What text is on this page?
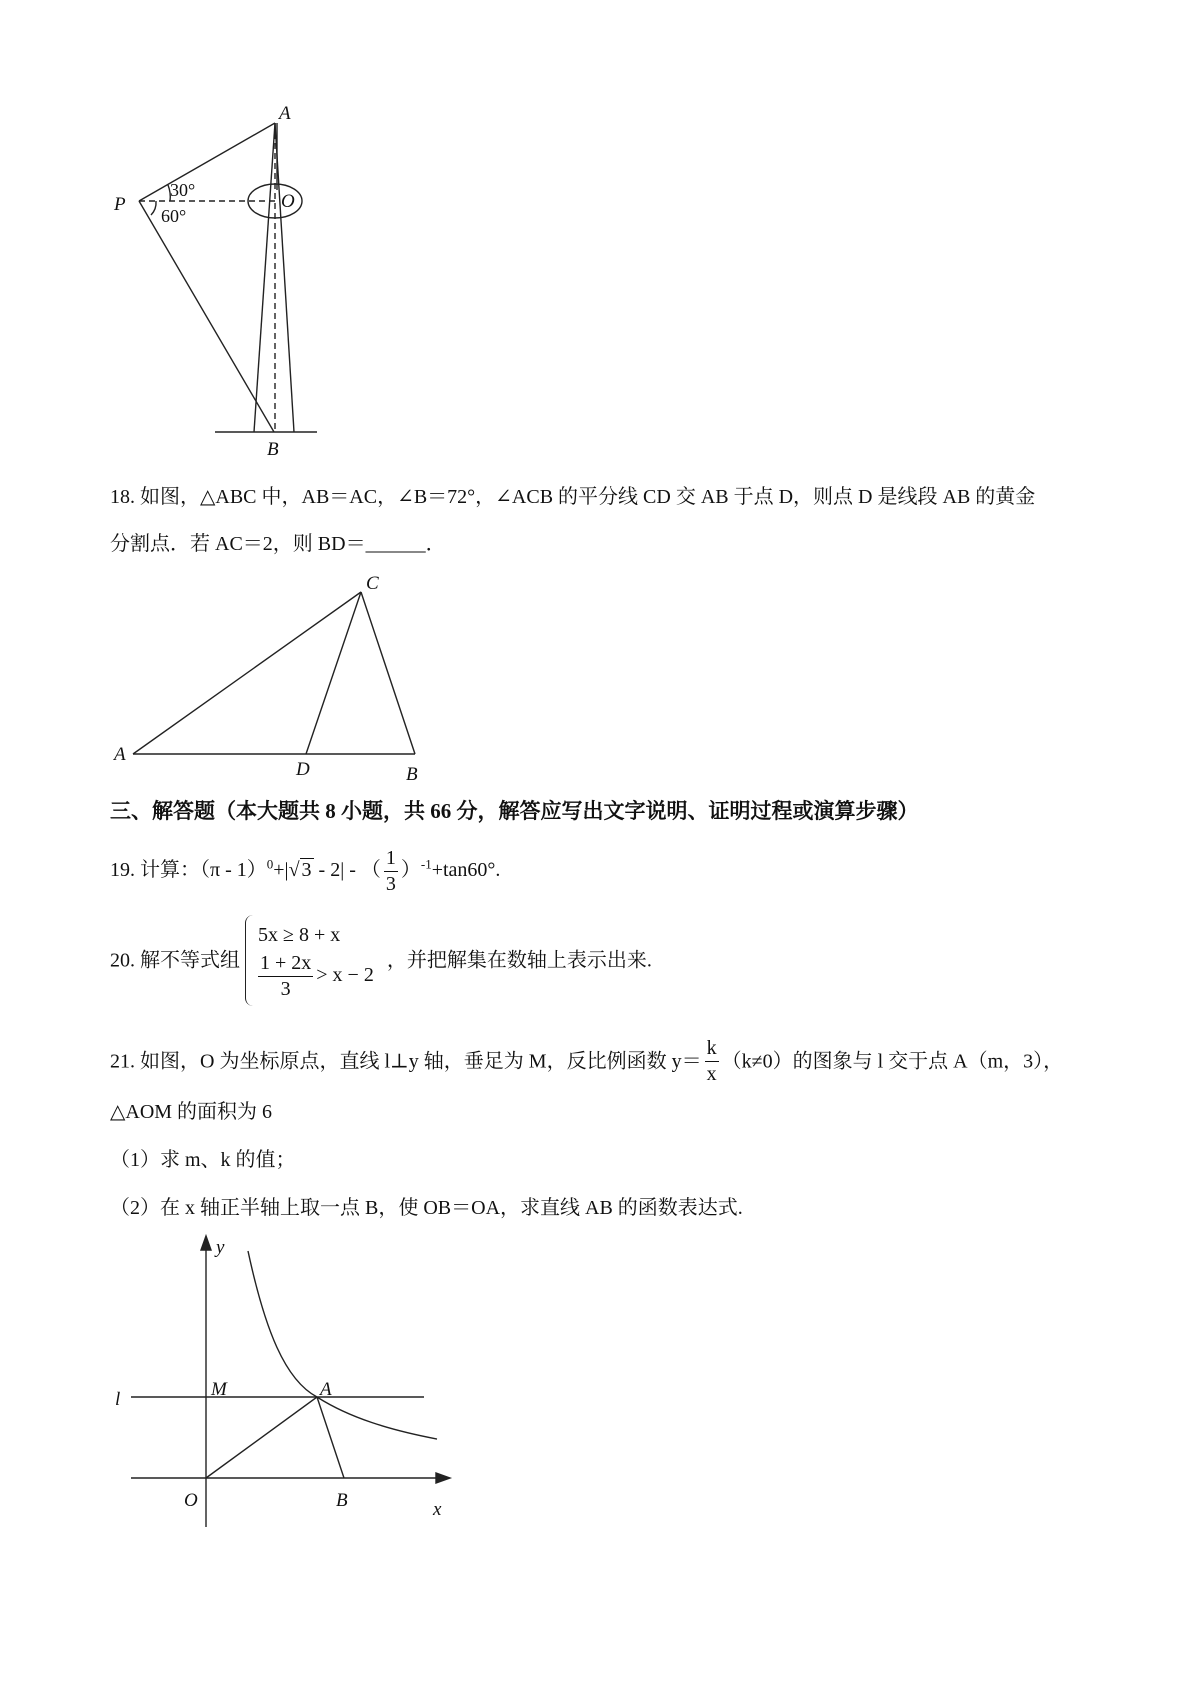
A
P	O
B
30°
60°
18. 如图，△ABC 中，AB＝AC，∠B＝72°，∠ACB 的平分线 CD 交 AB 于点 D，则点 D 是线段 AB 的黄金
分割点．若 AC＝2，则 BD＝______．
C
A
D	B
三、解答题（本大题共 8 小题，共 66 分，解答应写出文字说明、证明过程或演算步骤）
19. 计算：（π - 1）$^0$+|√ 3 - 2| - （ $\frac{1}{3} )^{-1}+\tan 60^\circ$.
20. 解不等式组
5x ≥ 8 + x
$\frac{1 + 2x}{3} > x - 2$
，并把解集在数轴上表示出来.
21. 如图，O 为坐标原点，直线 l⊥y 轴，垂足为 M，反比例函数 $y= \frac{k}{x} (k\ne 0)$的图象与 l 交于点 A（m，3），
△AOM 的面积为 6
（1）求 m、k 的值；
（2）在 x 轴正半轴上取一点 B，使 OB＝OA，求直线 AB 的函数表达式.
y
M	A
l
O	B	x
